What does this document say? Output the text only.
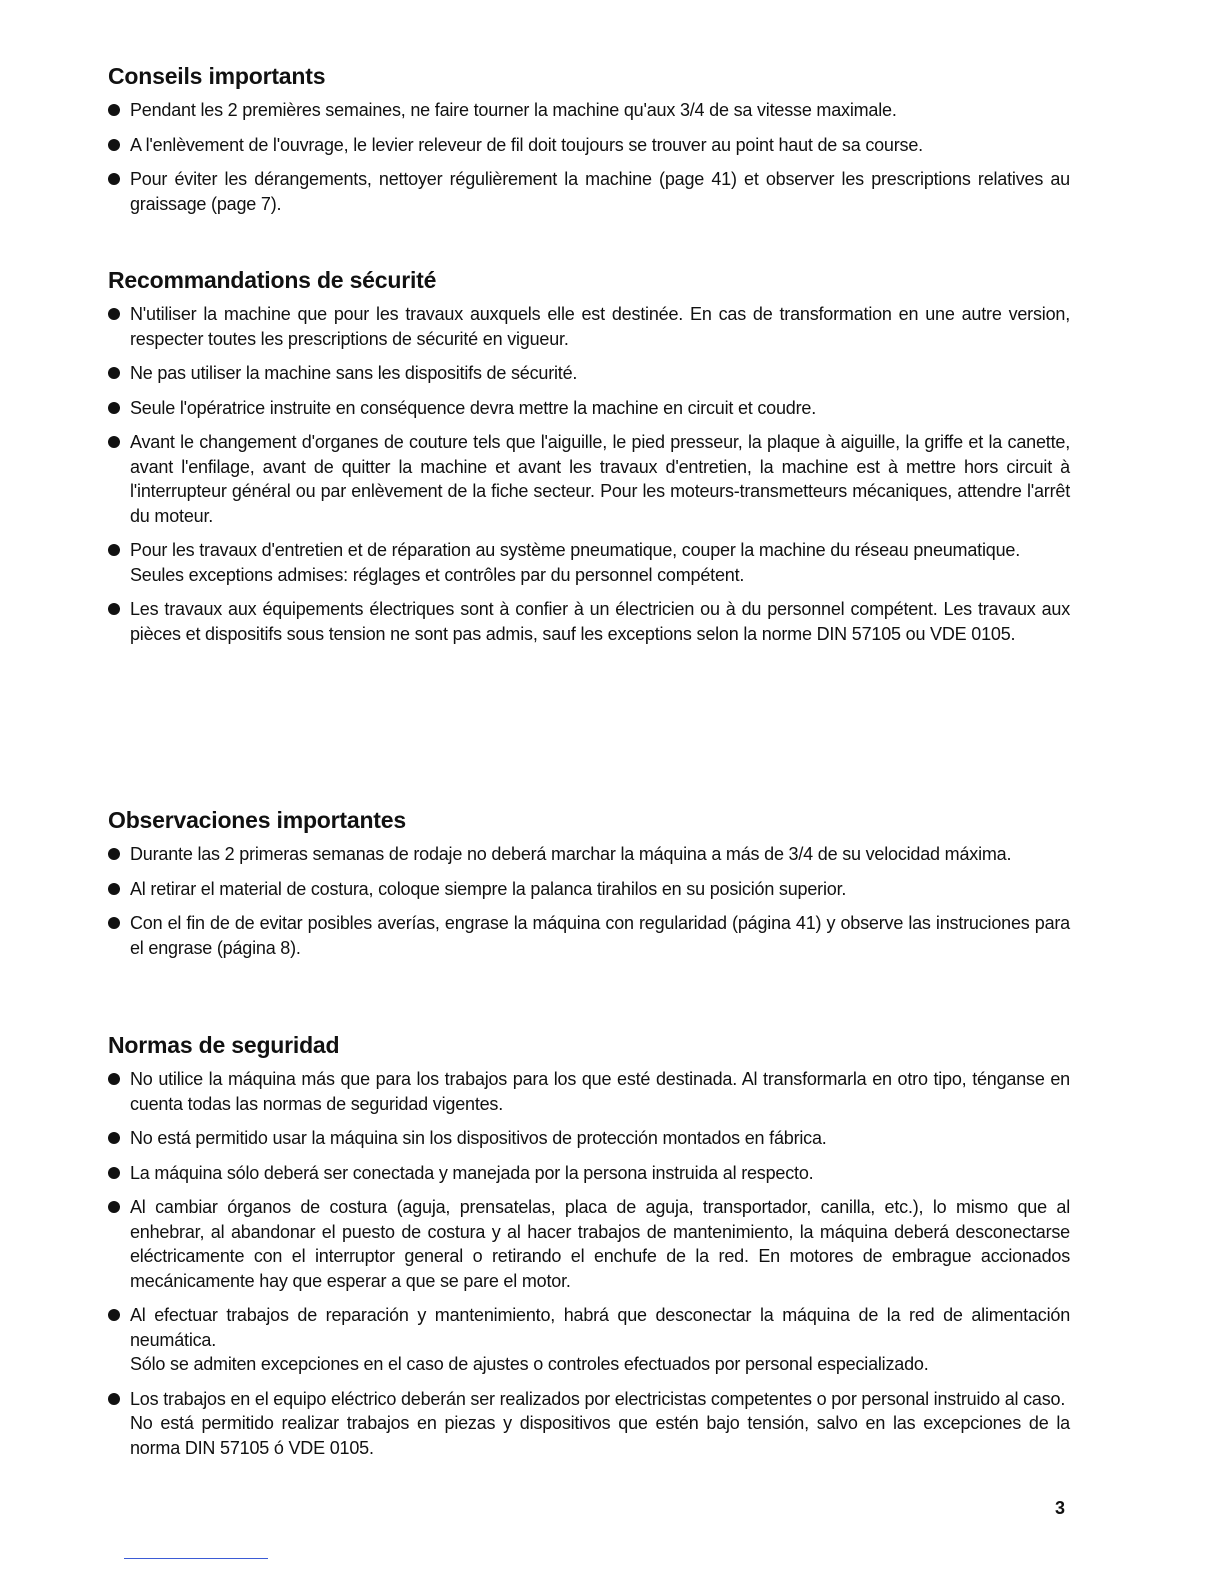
Conseils importants
Pendant les 2 premières semaines, ne faire tourner la machine qu'aux 3/4 de sa vitesse maximale.
A l'enlèvement de l'ouvrage, le levier releveur de fil doit toujours se trouver au point haut de sa course.
Pour éviter les dérangements, nettoyer régulièrement la machine (page 41) et observer les prescriptions relatives au graissage (page 7).
Recommandations de sécurité
N'utiliser la machine que pour les travaux auxquels elle est destinée. En cas de transformation en une autre version, respecter toutes les prescriptions de sécurité en vigueur.
Ne pas utiliser la machine sans les dispositifs de sécurité.
Seule l'opératrice instruite en conséquence devra mettre la machine en circuit et coudre.
Avant le changement d'organes de couture tels que l'aiguille, le pied presseur, la plaque à aiguille, la griffe et la canette, avant l'enfilage, avant de quitter la machine et avant les travaux d'entretien, la machine est à mettre hors circuit à l'interrupteur général ou par enlèvement de la fiche secteur. Pour les moteurs-transmetteurs mécaniques, attendre l'arrêt du moteur.
Pour les travaux d'entretien et de réparation au système pneumatique, couper la machine du réseau pneumatique.
Seules exceptions admises: réglages et contrôles par du personnel compétent.
Les travaux aux équipements électriques sont à confier à un électricien ou à du personnel compétent. Les travaux aux pièces et dispositifs sous tension ne sont pas admis, sauf les exceptions selon la norme DIN 57105 ou VDE 0105.
Observaciones importantes
Durante las 2 primeras semanas de rodaje no deberá marchar la máquina a más de 3/4 de su velocidad máxima.
Al retirar el material de costura, coloque siempre la palanca tirahilos en su posición superior.
Con el fin de de evitar posibles averías, engrase la máquina con regularidad (página 41) y observe las instruciones para el engrase (página 8).
Normas de seguridad
No utilice la máquina más que para los trabajos para los que esté destinada. Al transformarla en otro tipo, ténganse en cuenta todas las normas de seguridad vigentes.
No está permitido usar la máquina sin los dispositivos de protección montados en fábrica.
La máquina sólo deberá ser conectada y manejada por la persona instruida al respecto.
Al cambiar órganos de costura (aguja, prensatelas, placa de aguja, transportador, canilla, etc.), lo mismo que al enhebrar, al abandonar el puesto de costura y al hacer trabajos de mantenimiento, la máquina deberá desconectarse eléctricamente con el interruptor general o retirando el enchufe de la red. En motores de embrague accionados mecánicamente hay que esperar a que se pare el motor.
Al efectuar trabajos de reparación y mantenimiento, habrá que desconectar la máquina de la red de alimentación neumática.
Sólo se admiten excepciones en el caso de ajustes o controles efectuados por personal especializado.
Los trabajos en el equipo eléctrico deberán ser realizados por electricistas competentes o por personal instruido al caso.
No está permitido realizar trabajos en piezas y dispositivos que estén bajo tensión, salvo en las excepciones de la norma DIN 57105 ó VDE 0105.
3
